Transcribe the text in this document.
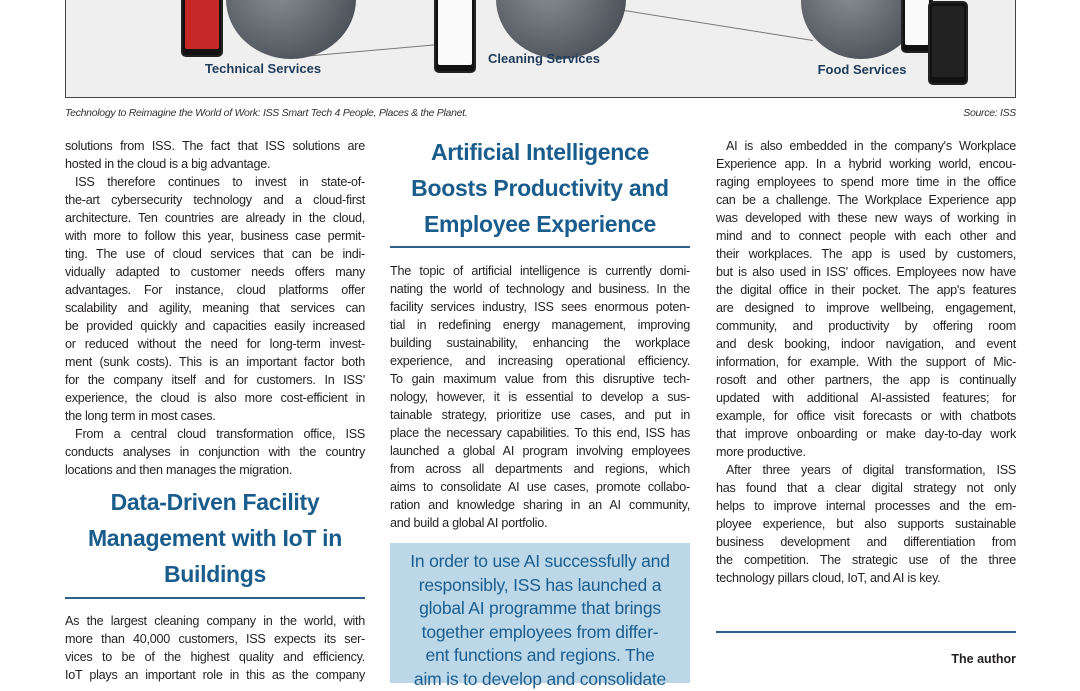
Technical Services
Cleaning Services
Food Services
Technology to Reimagine the World of Work: ISS Smart Tech 4 People, Places & the Planet.	Source: ISS
solutions from ISS. The fact that ISS solutions are
hosted in the cloud is a big advantage.
ISS therefore continues to invest in state-of-
the-art cybersecurity technology and a cloud-first
architecture. Ten countries are already in the cloud,
with more to follow this year, business case permit-
ting. The use of cloud services that can be indi-
vidually adapted to customer needs offers many
advantages. For instance, cloud platforms offer
scalability and agility, meaning that services can
be provided quickly and capacities easily increased
or reduced without the need for long-term invest-
ment (sunk costs). This is an important factor both
for the company itself and for customers. In ISS'
experience, the cloud is also more cost-efficient in
the long term in most cases.
From a central cloud transformation office, ISS
conducts analyses in conjunction with the country
locations and then manages the migration.
Data-Driven Facility
Management with IoT in
Buildings
As the largest cleaning company in the world, with
more than 40,000 customers, ISS expects its ser-
vices to be of the highest quality and efficiency.
IoT plays an important role in this as the company
Artificial Intelligence
Boosts Productivity and
Employee Experience
The topic of artificial intelligence is currently domi-
nating the world of technology and business. In the
facility services industry, ISS sees enormous poten-
tial in redefining energy management, improving
building sustainability, enhancing the workplace
experience, and increasing operational efficiency.
To gain maximum value from this disruptive tech-
nology, however, it is essential to develop a sus-
tainable strategy, prioritize use cases, and put in
place the necessary capabilities. To this end, ISS has
launched a global AI program involving employees
from across all departments and regions, which
aims to consolidate AI use cases, promote collabo-
ration and knowledge sharing in an AI community,
and build a global AI portfolio.
In order to use AI successfully and
responsibly, ISS has launched a
global AI programme that brings
together employees from differ-
ent functions and regions. The
aim is to develop and consolidate
AI is also embedded in the company's Workplace
Experience app. In a hybrid working world, encou-
raging employees to spend more time in the office
can be a challenge. The Workplace Experience app
was developed with these new ways of working in
mind and to connect people with each other and
their workplaces. The app is used by customers,
but is also used in ISS' offices. Employees now have
the digital office in their pocket. The app's features
are designed to improve wellbeing, engagement,
community, and productivity by offering room
and desk booking, indoor navigation, and event
information, for example. With the support of Mic-
rosoft and other partners, the app is continually
updated with additional AI-assisted features; for
example, for office visit forecasts or with chatbots
that improve onboarding or make day-to-day work
more productive.
After three years of digital transformation, ISS
has found that a clear digital strategy not only
helps to improve internal processes and the em-
ployee experience, but also supports sustainable
business development and differentiation from
the competition. The strategic use of the three
technology pillars cloud, IoT, and AI is key.
The author
